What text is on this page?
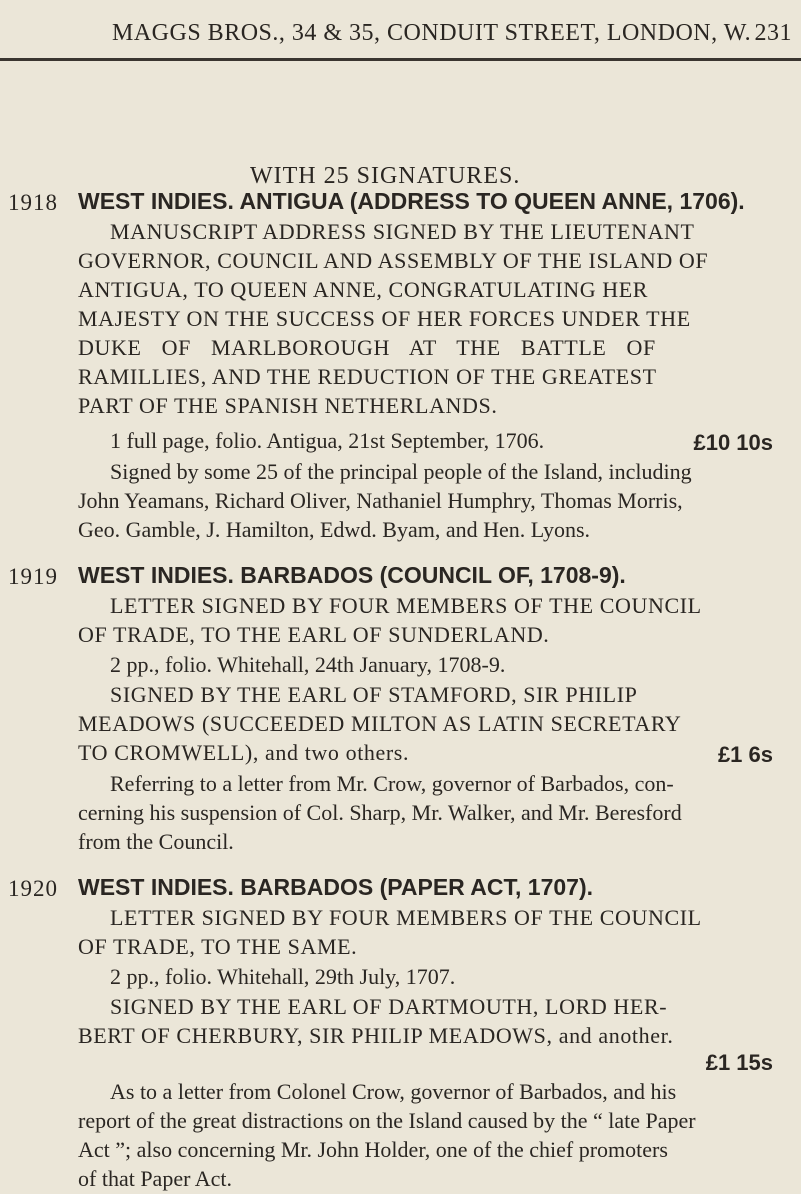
MAGGS BROS., 34 & 35, CONDUIT STREET, LONDON, W. 231
WITH 25 SIGNATURES.
1918 WEST INDIES. ANTIGUA (ADDRESS TO QUEEN ANNE, 1706).
MANUSCRIPT ADDRESS SIGNED BY THE LIEUTENANT
GOVERNOR, COUNCIL AND ASSEMBLY OF THE ISLAND OF
ANTIGUA, TO QUEEN ANNE, CONGRATULATING HER
MAJESTY ON THE SUCCESS OF HER FORCES UNDER THE
DUKE OF MARLBOROUGH AT THE BATTLE OF
RAMILLIES, AND THE REDUCTION OF THE GREATEST
PART OF THE SPANISH NETHERLANDS.
1 full page, folio. Antigua, 21st September, 1706.	£10 10s
Signed by some 25 of the principal people of the Island, including
John Yeamans, Richard Oliver, Nathaniel Humphry, Thomas Morris,
Geo. Gamble, J. Hamilton, Edwd. Byam, and Hen. Lyons.
1919 WEST INDIES. BARBADOS (COUNCIL OF, 1708-9).
LETTER SIGNED BY FOUR MEMBERS OF THE COUNCIL
OF TRADE, TO THE EARL OF SUNDERLAND.
2 pp., folio. Whitehall, 24th January, 1708-9.
SIGNED BY THE EARL OF STAMFORD, SIR PHILIP
MEADOWS (SUCCEEDED MILTON AS LATIN SECRETARY
TO CROMWELL), and two others.	£1 6s
Referring to a letter from Mr. Crow, governor of Barbados, con-
cerning his suspension of Col. Sharp, Mr. Walker, and Mr. Beresford
from the Council.
1920 WEST INDIES. BARBADOS (PAPER ACT, 1707).
LETTER SIGNED BY FOUR MEMBERS OF THE COUNCIL
OF TRADE, TO THE SAME.
2 pp., folio. Whitehall, 29th July, 1707.
SIGNED BY THE EARL OF DARTMOUTH, LORD HER-
BERT OF CHERBURY, SIR PHILIP MEADOWS, and another.
£1 15s
As to a letter from Colonel Crow, governor of Barbados, and his
report of the great distractions on the Island caused by the “ late Paper
Act ”; also concerning Mr. John Holder, one of the chief promoters
of that Paper Act.
